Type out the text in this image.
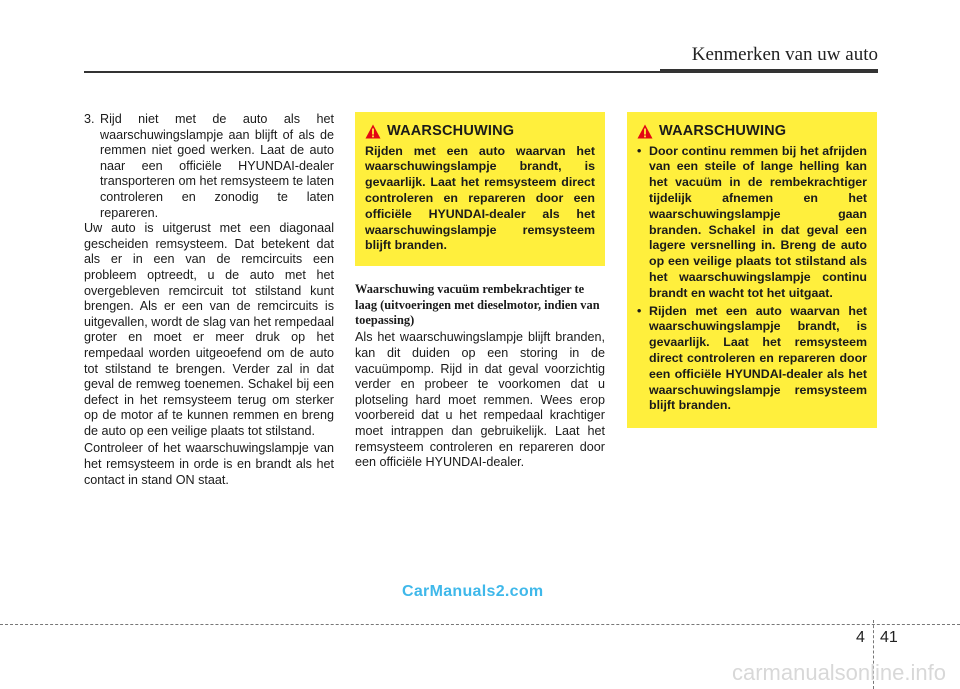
Kenmerken van uw auto
3. Rijd niet met de auto als het waarschuwingslampje aan blijft of als de remmen niet goed werken. Laat de auto naar een officiële HYUNDAI-dealer transporteren om het remsysteem te laten controleren en zonodig te laten repareren.

Uw auto is uitgerust met een diagonaal gescheiden remsysteem. Dat betekent dat als er in een van de remcircuits een probleem optreedt, u de auto met het overgebleven remcircuit tot stilstand kunt brengen. Als er een van de remcircuits is uitgevallen, wordt de slag van het rempedaal groter en moet er meer druk op het rempedaal worden uitgeoefend om de auto tot stilstand te brengen. Verder zal in dat geval de remweg toenemen. Schakel bij een defect in het remsysteem terug om sterker op de motor af te kunnen remmen en breng de auto op een veilige plaats tot stilstand.

Controleer of het waarschuwingslampje van het remsysteem in orde is en brandt als het contact in stand ON staat.

WAARSCHUWING
Rijden met een auto waarvan het waarschuwingslampje brandt, is gevaarlijk. Laat het remsysteem direct controleren en repareren door een officiële HYUNDAI-dealer als het waarschuwingslampje remsysteem blijft branden.
Waarschuwing vacuüm rembekrachtiger te laag (uitvoeringen met dieselmotor, indien van toepassing)

Als het waarschuwingslampje blijft branden, kan dit duiden op een storing in de vacuümpomp. Rijd in dat geval voorzichtig verder en probeer te voorkomen dat u plotseling hard moet remmen. Wees erop voorbereid dat u het rempedaal krachtiger moet intrappen dan gebruikelijk. Laat het remsysteem controleren en repareren door een officiële HYUNDAI-dealer.

WAARSCHUWING
• Door continu remmen bij het afrijden van een steile of lange helling kan het vacuüm in de rembekrachtiger tijdelijk afnemen en het waarschuwingslampje gaan branden. Schakel in dat geval een lagere versnelling in. Breng de auto op een veilige plaats tot stilstand als het waarschuwingslampje continu brandt en wacht tot het uitgaat.
• Rijden met een auto waarvan het waarschuwingslampje brandt, is gevaarlijk. Laat het remsysteem direct controleren en repareren door een officiële HYUNDAI-dealer als het waarschuwingslampje remsysteem blijft branden.
CarManuals2.com
4 41
carmanualsonline.info
